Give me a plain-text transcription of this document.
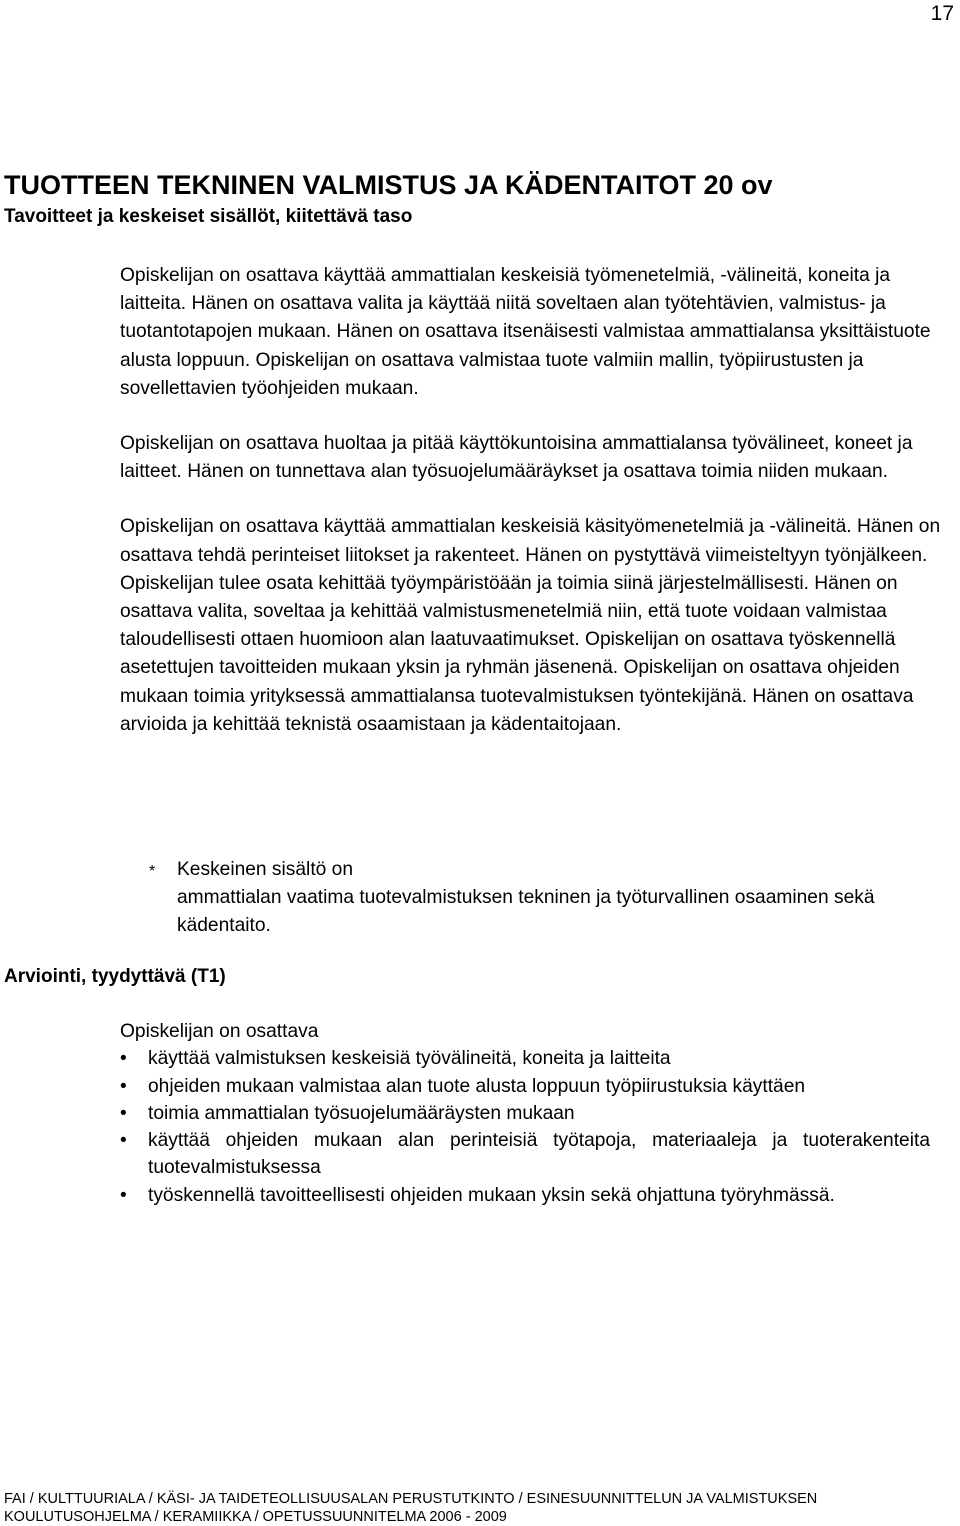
17
TUOTTEEN TEKNINEN VALMISTUS JA KÄDENTAITOT 20 ov
Tavoitteet ja keskeiset sisällöt, kiitettävä taso

Opiskelijan on osattava käyttää ammattialan keskeisiä työmenetelmiä, -välineitä, koneita ja laitteita. Hänen on osattava valita ja käyttää niitä soveltaen alan työtehtävien, valmistus- ja tuotantotapojen mukaan. Hänen on osattava itsenäisesti valmistaa ammattialansa yksittäistuote alusta loppuun. Opiskelijan on osattava valmistaa tuote valmiin mallin, työpiirustusten ja sovellettavien työohjeiden mukaan.

Opiskelijan on osattava huoltaa ja pitää käyttökuntoisina ammattialansa työvälineet, koneet ja laitteet. Hänen on tunnettava alan työsuojelumääräykset ja osattava toimia niiden mukaan.

Opiskelijan on osattava käyttää ammattialan keskeisiä käsityömenetelmiä ja -välineitä. Hänen on osattava tehdä perinteiset liitokset ja rakenteet. Hänen on pystyttävä viimeisteltyyn työnjälkeen. Opiskelijan tulee osata kehittää työympäristöään ja toimia siinä järjestelmällisesti. Hänen on osattava valita, soveltaa ja kehittää valmistusmenetelmiä niin, että tuote voidaan valmistaa taloudellisesti ottaen huomioon alan laatuvaatimukset. Opiskelijan on osattava työskennellä asetettujen tavoitteiden mukaan yksin ja ryhmän jäsenenä. Opiskelijan on osattava ohjeiden mukaan toimia yrityksessä ammattialansa tuotevalmistuksen työntekijänä. Hänen on osattava arvioida ja kehittää teknistä osaamistaan ja kädentaitojaan.

* Keskeinen sisältö on
ammattialan vaatima tuotevalmistuksen tekninen ja työturvallinen osaaminen sekä kädentaito.
Arviointi, tyydyttävä (T1)
Opiskelijan on osattava
• käyttää valmistuksen keskeisiä työvälineitä, koneita ja laitteita
• ohjeiden mukaan valmistaa alan tuote alusta loppuun työpiirustuksia käyttäen
• toimia ammattialan työsuojelumääräysten mukaan
• käyttää ohjeiden mukaan alan perinteisiä työtapoja, materiaaleja ja tuoterakenteita tuotevalmistuksessa
• työskennellä tavoitteellisesti ohjeiden mukaan yksin sekä ohjattuna työryhmässä.
FAI / KULTTUURIALA / KÄSI- JA TAIDETEOLLISUUSALAN PERUSTUTKINTO / ESINESUUNNITTELUN JA VALMISTUKSEN
KOULUTUSOHJELMA / KERAMIIKKA / OPETUSSUUNNITELMA 2006 - 2009
